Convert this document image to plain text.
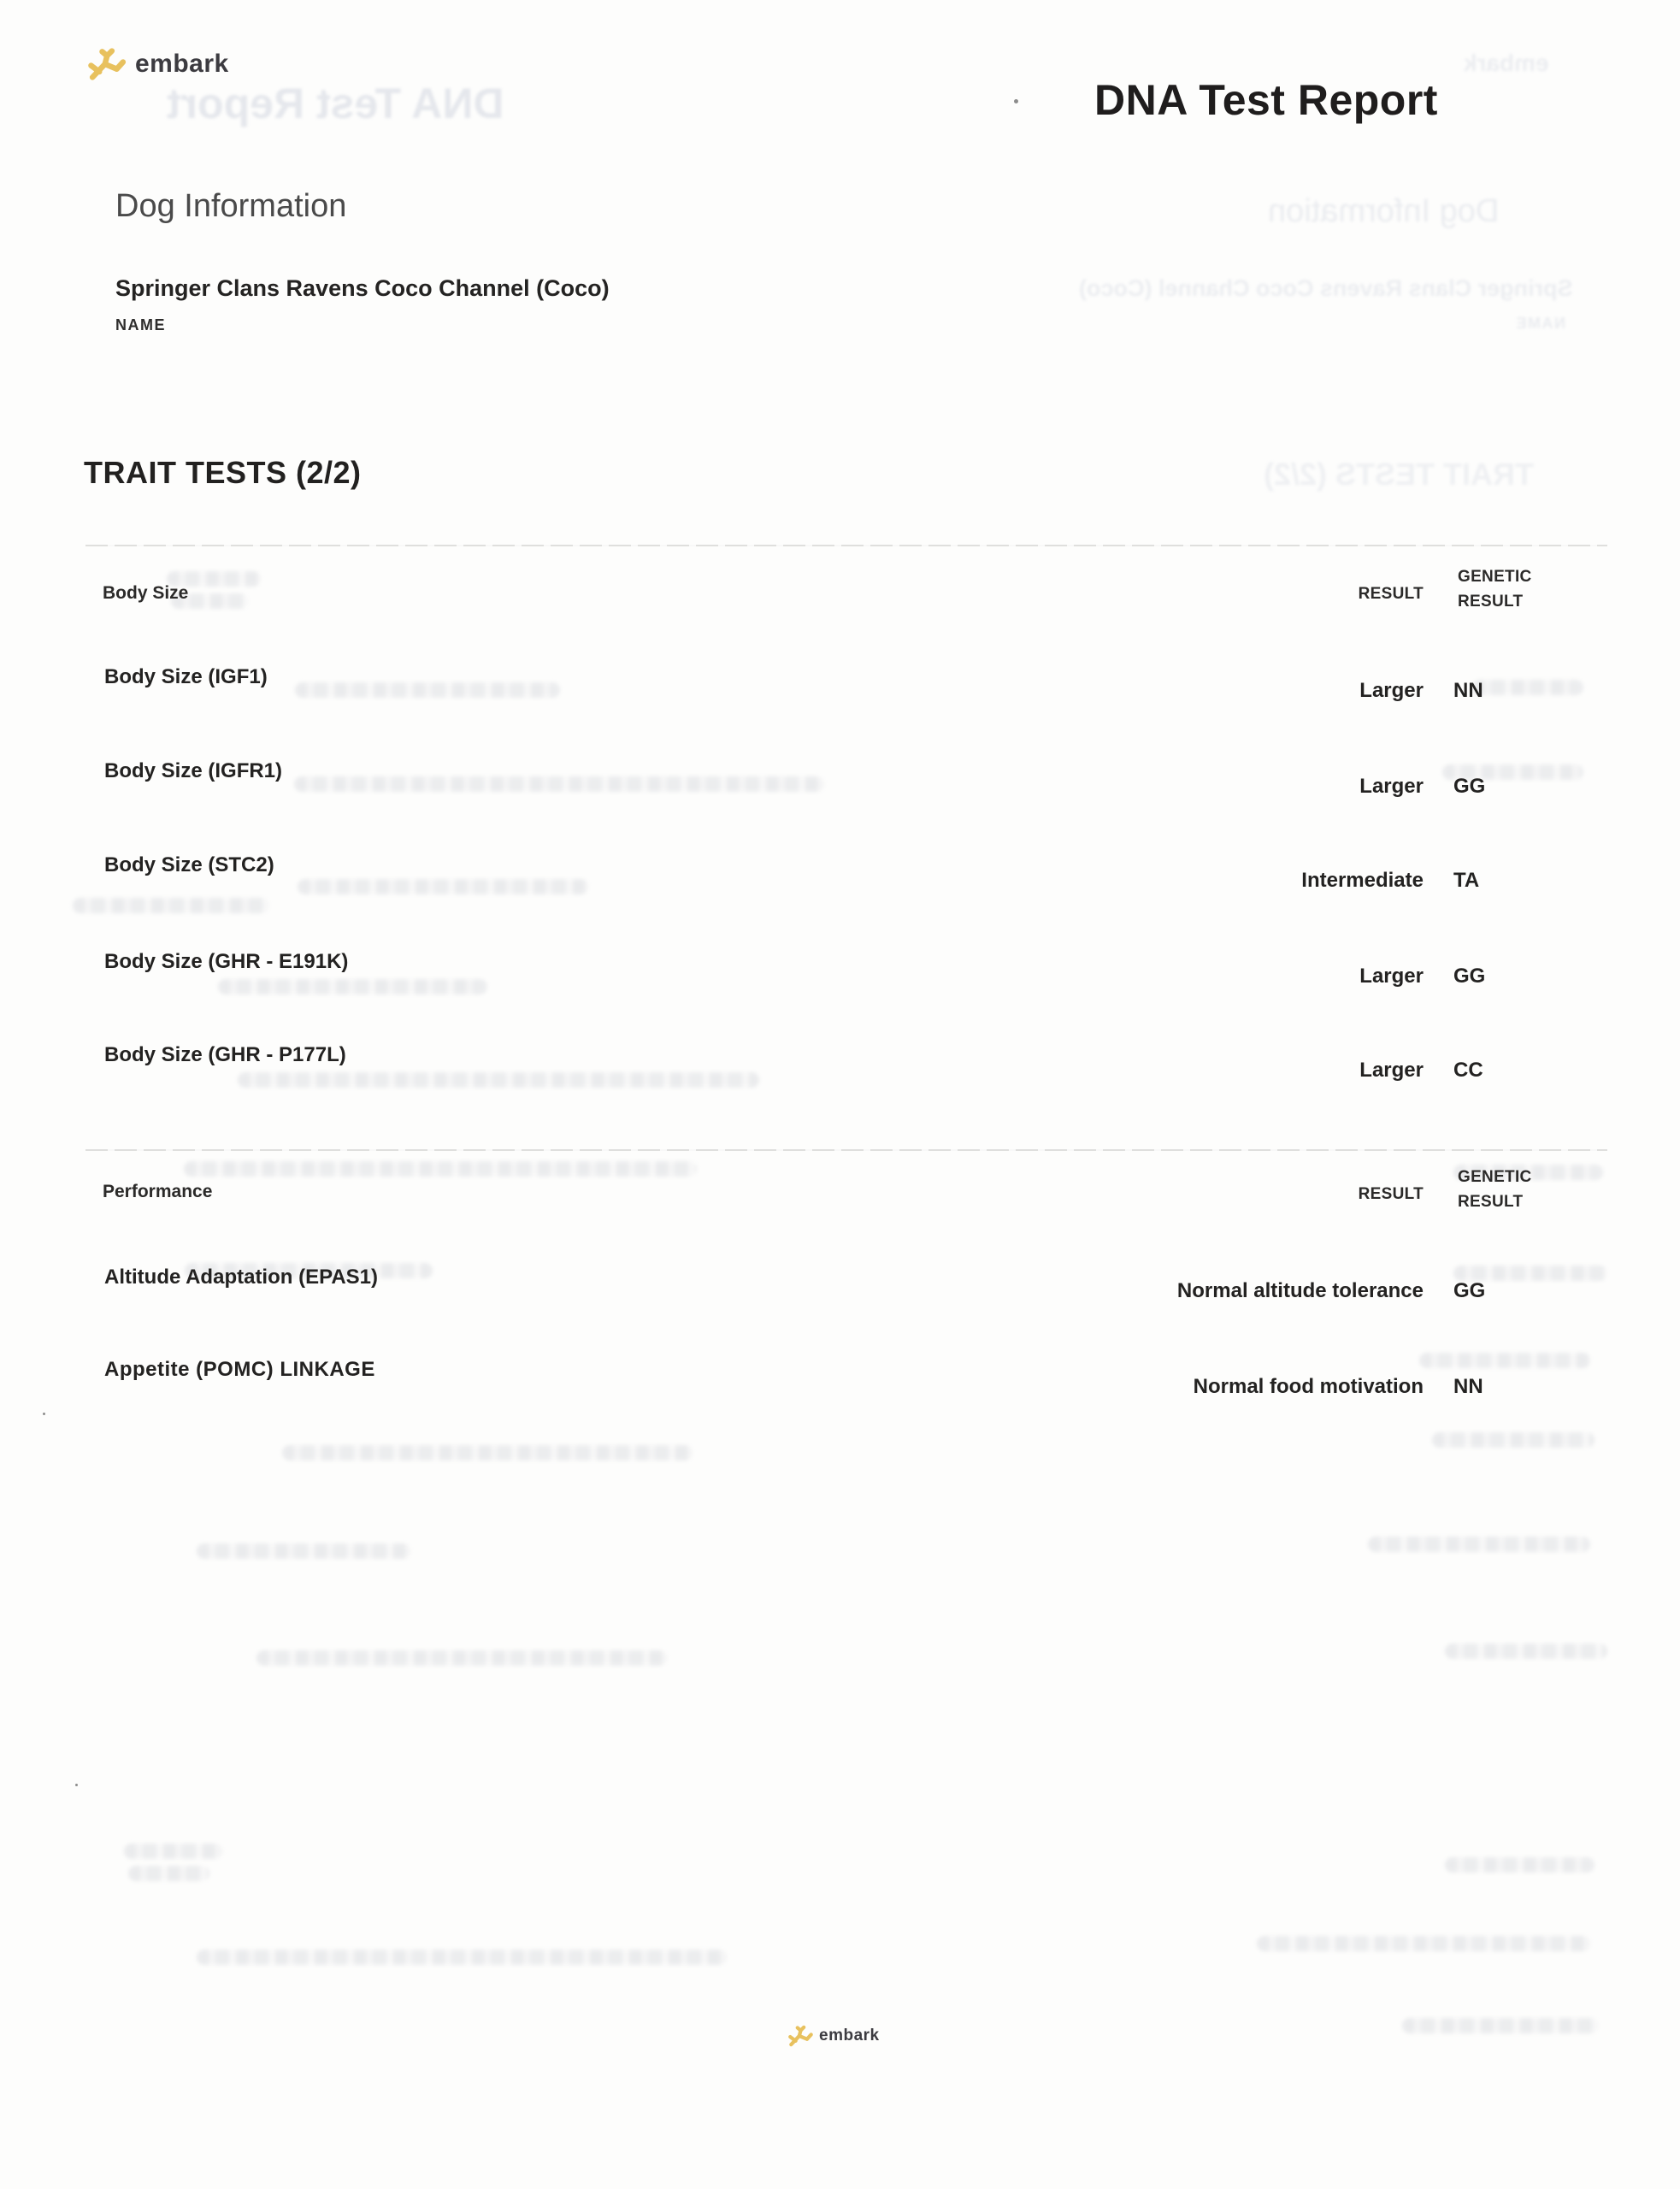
DNA Test Report
embark
Dog Information
Springer Clans Ravens Coco Channel (Coco)
NAME
TRAIT TESTS (2/2)
embark
DNA Test Report
Dog Information
Springer Clans Ravens Coco Channel (Coco)
NAME
TRAIT TESTS (2/2)
Body Size	RESULT
GENETIC
RESULT
Body Size (IGF1)
Larger NN
Body Size (IGFR1)
Larger GG
Body Size (STC2)
Intermediate TA
Body Size (GHR - E191K)
Larger GG
Body Size (GHR - P177L)
Larger CC
Performance	RESULT
GENETIC
RESULT
Altitude Adaptation (EPAS1)
Normal altitude tolerance GG
Appetite (POMC) LINKAGE
Normal food motivation NN
embark
